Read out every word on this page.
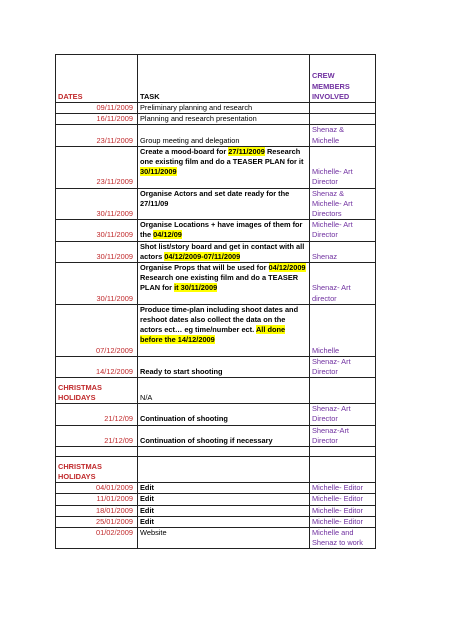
DATES	TASK	CREW MEMBERS INVOLVED
09/11/2009	Preliminary planning and research	
16/11/2009	Planning and research presentation	
23/11/2009	Group meeting and delegation	Shenaz & Michelle
23/11/2009	Create a mood-board for 27/11/2009 Research one existing film and do a TEASER PLAN for it 30/11/2009	Michelle- Art Director
30/11/2009	Organise Actors and set date ready for the 27/11/09	Shenaz & Michelle- Art Directors
30/11/2009	Organise Locations + have images of them for the 04/12/09	Michelle- Art Director
30/11/2009	Shot list/story board and get in contact with all actors 04/12/2009-07/11/2009	Shenaz
30/11/2009	Organise Props that will be used for 04/12/2009 Research one existing film and do a TEASER PLAN for it 30/11/2009	Shenaz- Art director
07/12/2009	Produce time-plan including shoot dates and reshoot dates also collect the data on the actors ect… eg time/number ect. All done before the 14/12/2009	Michelle
14/12/2009	Ready to start shooting	Shenaz- Art Director
CHRISTMAS HOLIDAYS	N/A	
21/12/09	Continuation of shooting	Shenaz- Art Director
21/12/09	Continuation of shooting if necessary	Shenaz-Art Director

CHRISTMAS HOLIDAYS		
04/01/2009	Edit	Michelle- Editor
11/01/2009	Edit	Michelle- Editor
18/01/2009	Edit	Michelle- Editor
25/01/2009	Edit	Michelle- Editor
01/02/2009	Website	Michelle and Shenaz to work
